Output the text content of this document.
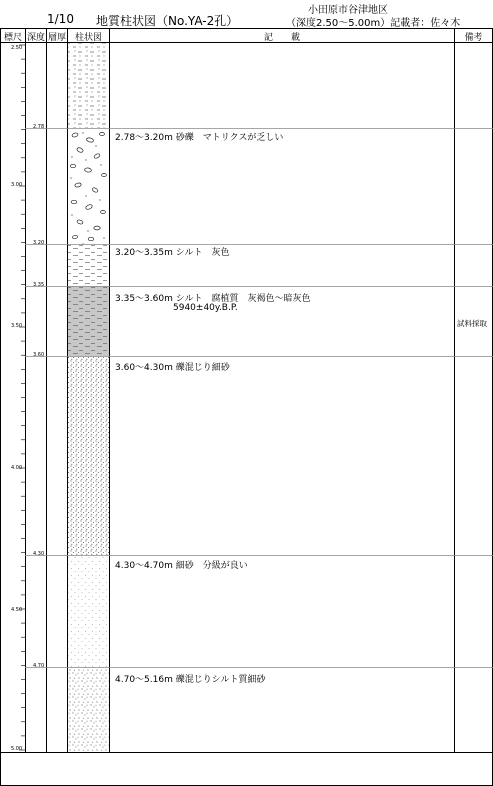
1/10 地質柱状図（No.YA-2孔）
小田原市谷津地区
（深度2.50～5.00m）記載者：佐々木
標尺 深度 層厚 柱状図	記　　載	備考
2.50
3.00
3.50
4.00
4.50
5.00
2.78
3.20
3.35
3.60
4.30
4.70
2.78～3.20m 砂礫　マトリクスが乏しい
3.20～3.35m シルト　灰色
3.35～3.60m シルト　腐植質　灰褐色～暗灰色
5940±40y.B.P.
試料採取
3.60～4.30m 礫混じり細砂
4.30～4.70m 細砂　分級が良い
4.70～5.16m 礫混じりシルト質細砂
